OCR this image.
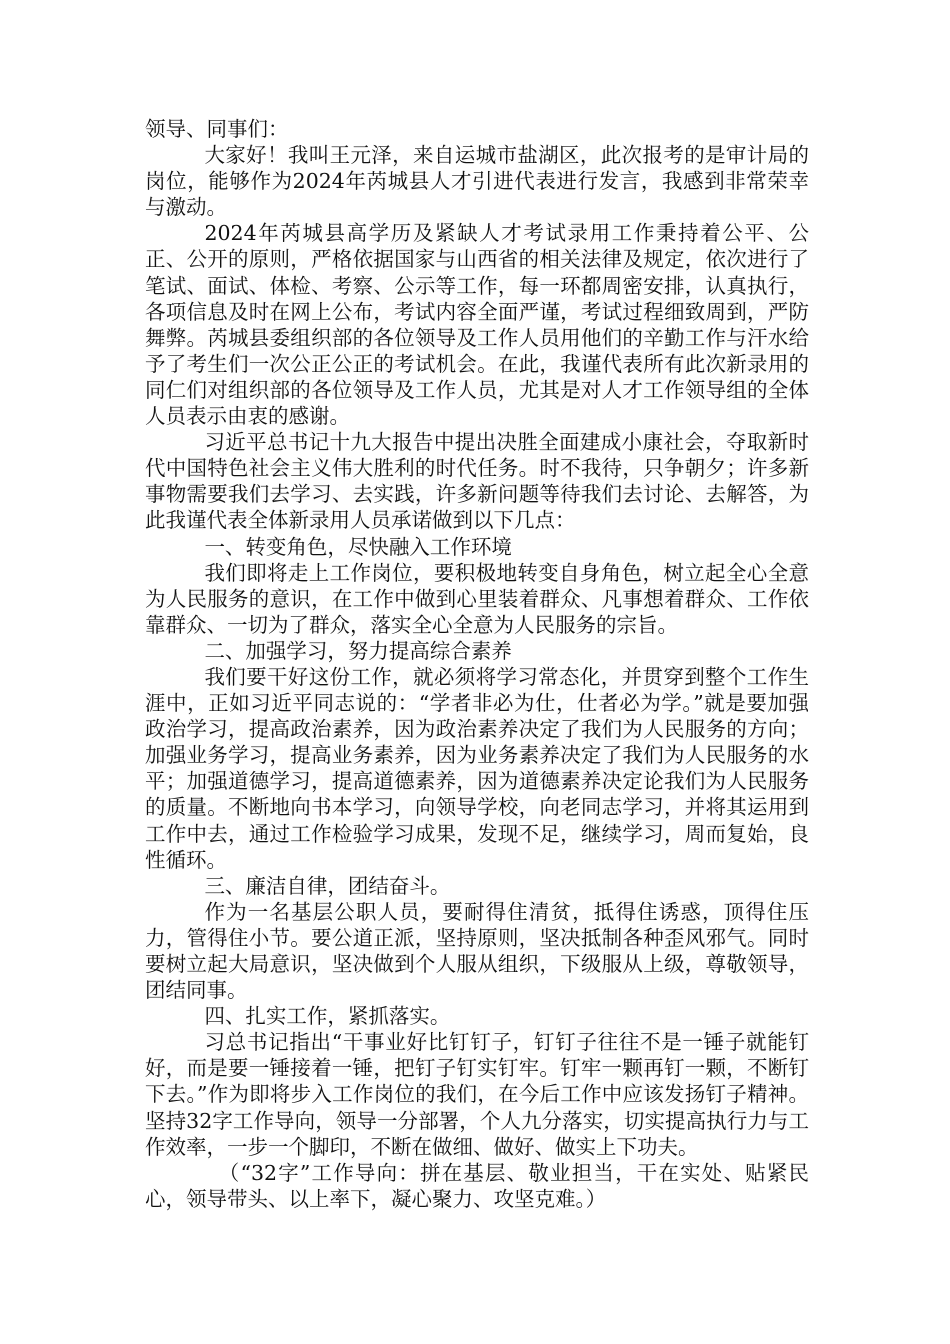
领导、同事们：

大家好！我叫王元泽，来自运城市盐湖区，此次报考的是审计局的岗位，能够作为2024年芮城县人才引进代表进行发言，我感到非常荣幸与激动。

2024年芮城县高学历及紧缺人才考试录用工作秉持着公平、公正、公开的原则，严格依据国家与山西省的相关法律及规定，依次进行了笔试、面试、体检、考察、公示等工作，每一环都周密安排，认真执行，各项信息及时在网上公布，考试内容全面严谨，考试过程细致周到，严防舞弊。芮城县委组织部的各位领导及工作人员用他们的辛勤工作与汗水给予了考生们一次公正公正的考试机会。在此，我谨代表所有此次新录用的同仁们对组织部的各位领导及工作人员，尤其是对人才工作领导组的全体人员表示由衷的感谢。

习近平总书记十九大报告中提出决胜全面建成小康社会，夺取新时代中国特色社会主义伟大胜利的时代任务。时不我待，只争朝夕；许多新事物需要我们去学习、去实践，许多新问题等待我们去讨论、去解答，为此我谨代表全体新录用人员承诺做到以下几点：

一、转变角色，尽快融入工作环境

我们即将走上工作岗位，要积极地转变自身角色，树立起全心全意为人民服务的意识，在工作中做到心里装着群众、凡事想着群众、工作依靠群众、一切为了群众，落实全心全意为人民服务的宗旨。

二、加强学习，努力提高综合素养

我们要干好这份工作，就必须将学习常态化，并贯穿到整个工作生涯中，正如习近平同志说的：“学者非必为仕，仕者必为学。”就是要加强政治学习，提高政治素养，因为政治素养决定了我们为人民服务的方向；加强业务学习，提高业务素养，因为业务素养决定了我们为人民服务的水平；加强道德学习，提高道德素养，因为道德素养决定论我们为人民服务的质量。不断地向书本学习，向领导学校，向老同志学习，并将其运用到工作中去，通过工作检验学习成果，发现不足，继续学习，周而复始，良性循环。

三、廉洁自律，团结奋斗。

作为一名基层公职人员，要耐得住清贫，抵得住诱惑，顶得住压力，管得住小节。要公道正派，坚持原则，坚决抵制各种歪风邪气。同时要树立起大局意识，坚决做到个人服从组织，下级服从上级，尊敬领导，团结同事。

四、扎实工作，紧抓落实。

习总书记指出“干事业好比钉钉子，钉钉子往往不是一锤子就能钉好，而是要一锤接着一锤，把钉子钉实钉牢。钉牢一颗再钉一颗，不断钉下去。”作为即将步入工作岗位的我们，在今后工作中应该发扬钉子精神。坚持32字工作导向，领导一分部署，个人九分落实，切实提高执行力与工作效率，一步一个脚印，不断在做细、做好、做实上下功夫。

（“32字”工作导向：拼在基层、敬业担当，干在实处、贴紧民心，领导带头、以上率下，凝心聚力、攻坚克难。）
